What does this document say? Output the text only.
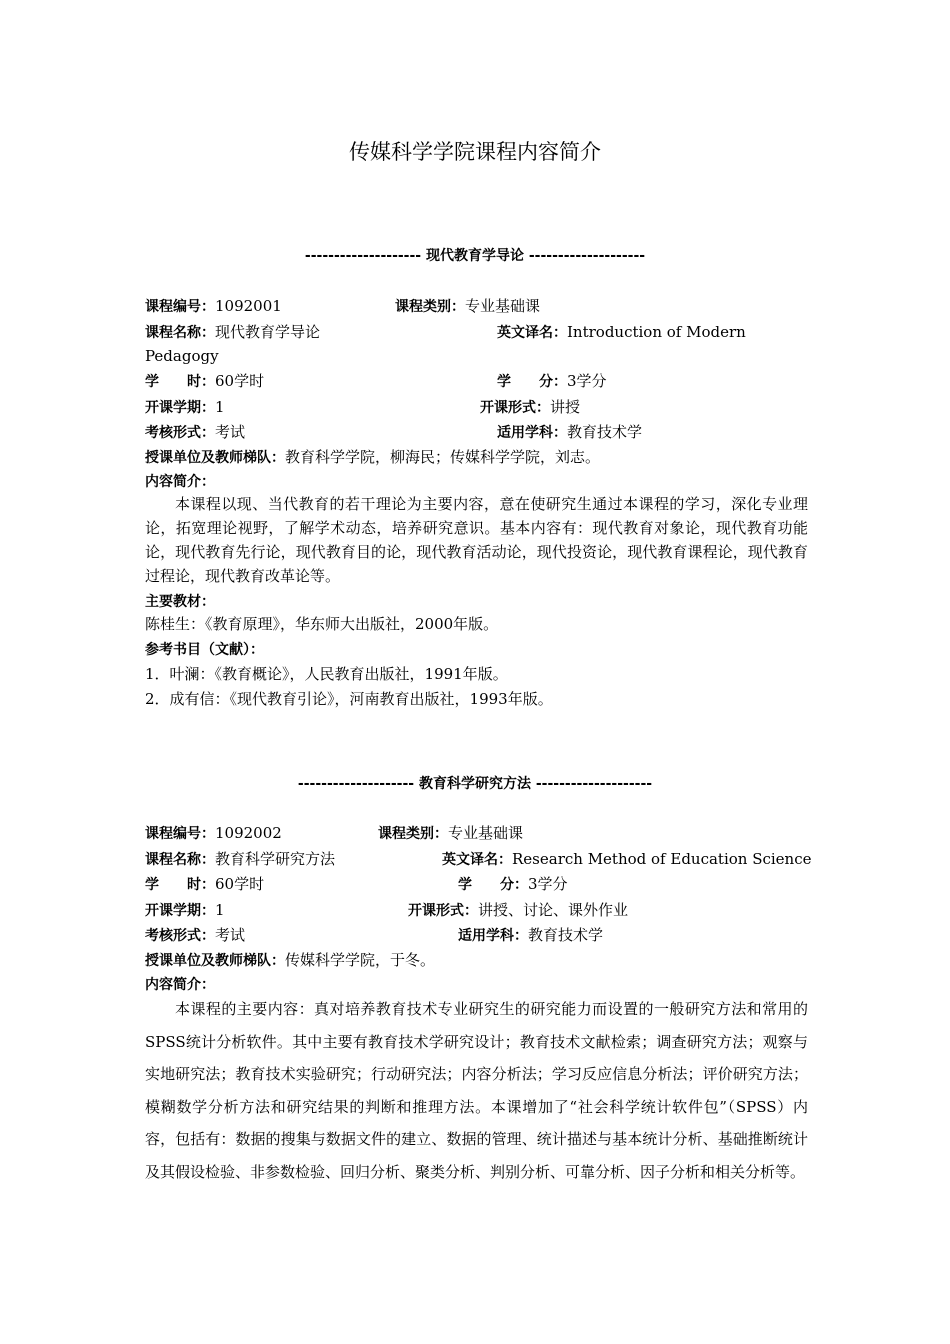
传媒科学学院课程内容简介
-------------------- 现代教育学导论 --------------------
课程编号：1092001	课程类别：专业基础课
课程名称：现代教育学导论	英文译名：Introduction of Modern
Pedagogy
学　　时：60学时	学　　分：3学分
开课学期：1	开课形式：讲授
考核形式：考试	适用学科：教育技术学
授课单位及教师梯队：教育科学学院，柳海民；传媒科学学院，刘志。
内容简介：
本课程以现、当代教育的若干理论为主要内容，意在使研究生通过本课程的学习，深化专业理论，拓宽理论视野，了解学术动态，培养研究意识。基本内容有：现代教育对象论，现代教育功能论，现代教育先行论，现代教育目的论，现代教育活动论，现代投资论，现代教育课程论，现代教育过程论，现代教育改革论等。
主要教材：
陈桂生：《教育原理》，华东师大出版社，2000年版。
参考书目（文献）：
1．叶澜：《教育概论》，人民教育出版社，1991年版。
2．成有信：《现代教育引论》，河南教育出版社，1993年版。
-------------------- 教育科学研究方法 --------------------
课程编号：1092002	课程类别：专业基础课
课程名称：教育科学研究方法	英文译名：Research Method of Education Science
学　　时：60学时	学　　分：3学分
开课学期：1	开课形式：讲授、讨论、课外作业
考核形式：考试	适用学科：教育技术学
授课单位及教师梯队：传媒科学学院，于冬。
内容简介：
本课程的主要内容：真对培养教育技术专业研究生的研究能力而设置的一般研究方法和常用的SPSS统计分析软件。其中主要有教育技术学研究设计；教育技术文献检索；调查研究方法；观察与实地研究法；教育技术实验研究；行动研究法；内容分析法；学习反应信息分析法；评价研究方法；模糊数学分析方法和研究结果的判断和推理方法。本课增加了“社会科学统计软件包”（SPSS）内容，包括有：数据的搜集与数据文件的建立、数据的管理、统计描述与基本统计分析、基础推断统计及其假设检验、非参数检验、回归分析、聚类分析、判别分析、可靠分析、因子分析和相关分析等。
